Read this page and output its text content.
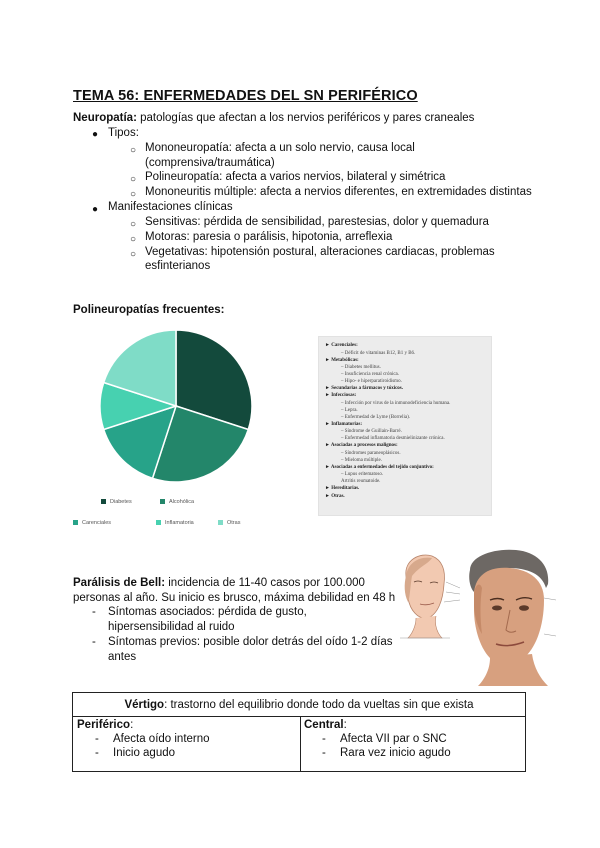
TEMA 56: ENFERMEDADES DEL SN PERIFÉRICO
Neuropatía: patologías que afectan a los nervios periféricos y pares craneales
● Tipos:
○ Mononeuropatía: afecta a un solo nervio, causa local
(comprensiva/traumática)
○ Polineuropatía: afecta a varios nervios, bilateral y simétrica
○ Mononeuritis múltiple: afecta a nervios diferentes, en extremidades distintas
● Manifestaciones clínicas
○ Sensitivas: pérdida de sensibilidad, parestesias, dolor y quemadura
○ Motoras: paresia o parálisis, hipotonia, arreflexia
○ Vegetativas: hipotensión postural, alteraciones cardiacas, problemas
esfinterianos
Polineuropatías frecuentes:
Diabetes	Alcohólica
Carenciales	Inflamatoria	Otras
► Carenciales:
– Déficit de vitaminas B12, B1 y B6.
► Metabólicas:
– Diabetes mellitus.
– Insuficiencia renal crónica.
– Hipo- e hiperparatiroidismo.
► Secundarias a fármacos y tóxicos.
► Infecciosas:
– Infección por virus de la inmunodeficiencia humana.
– Lepra.
– Enfermedad de Lyme (Borrelia).
► Inflamatorias:
– Síndrome de Guillain-Barré.
– Enfermedad inflamatoria desmielinizante crónica.
► Asociadas a procesos malignos:
– Síndromes paraneoplásicos.
– Mieloma múltiple.
► Asociadas a enfermedades del tejido conjuntivo:
– Lupus eritematoso.
Artritis reumatoide.
► Hereditarias.
► Otras.
Parálisis de Bell: incidencia de 11-40 casos por 100.000
personas al año. Su inicio es brusco, máxima debilidad en 48 h
- Síntomas asociados: pérdida de gusto,
hipersensibilidad al ruido
- Síntomas previos: posible dolor detrás del oído 1-2 días
antes
Vértigo: trastorno del equilibrio donde todo da vueltas sin que exista
Periférico:
- Afecta oído interno
- Inicio agudo
Central:
- Afecta VII par o SNC
- Rara vez inicio agudo
